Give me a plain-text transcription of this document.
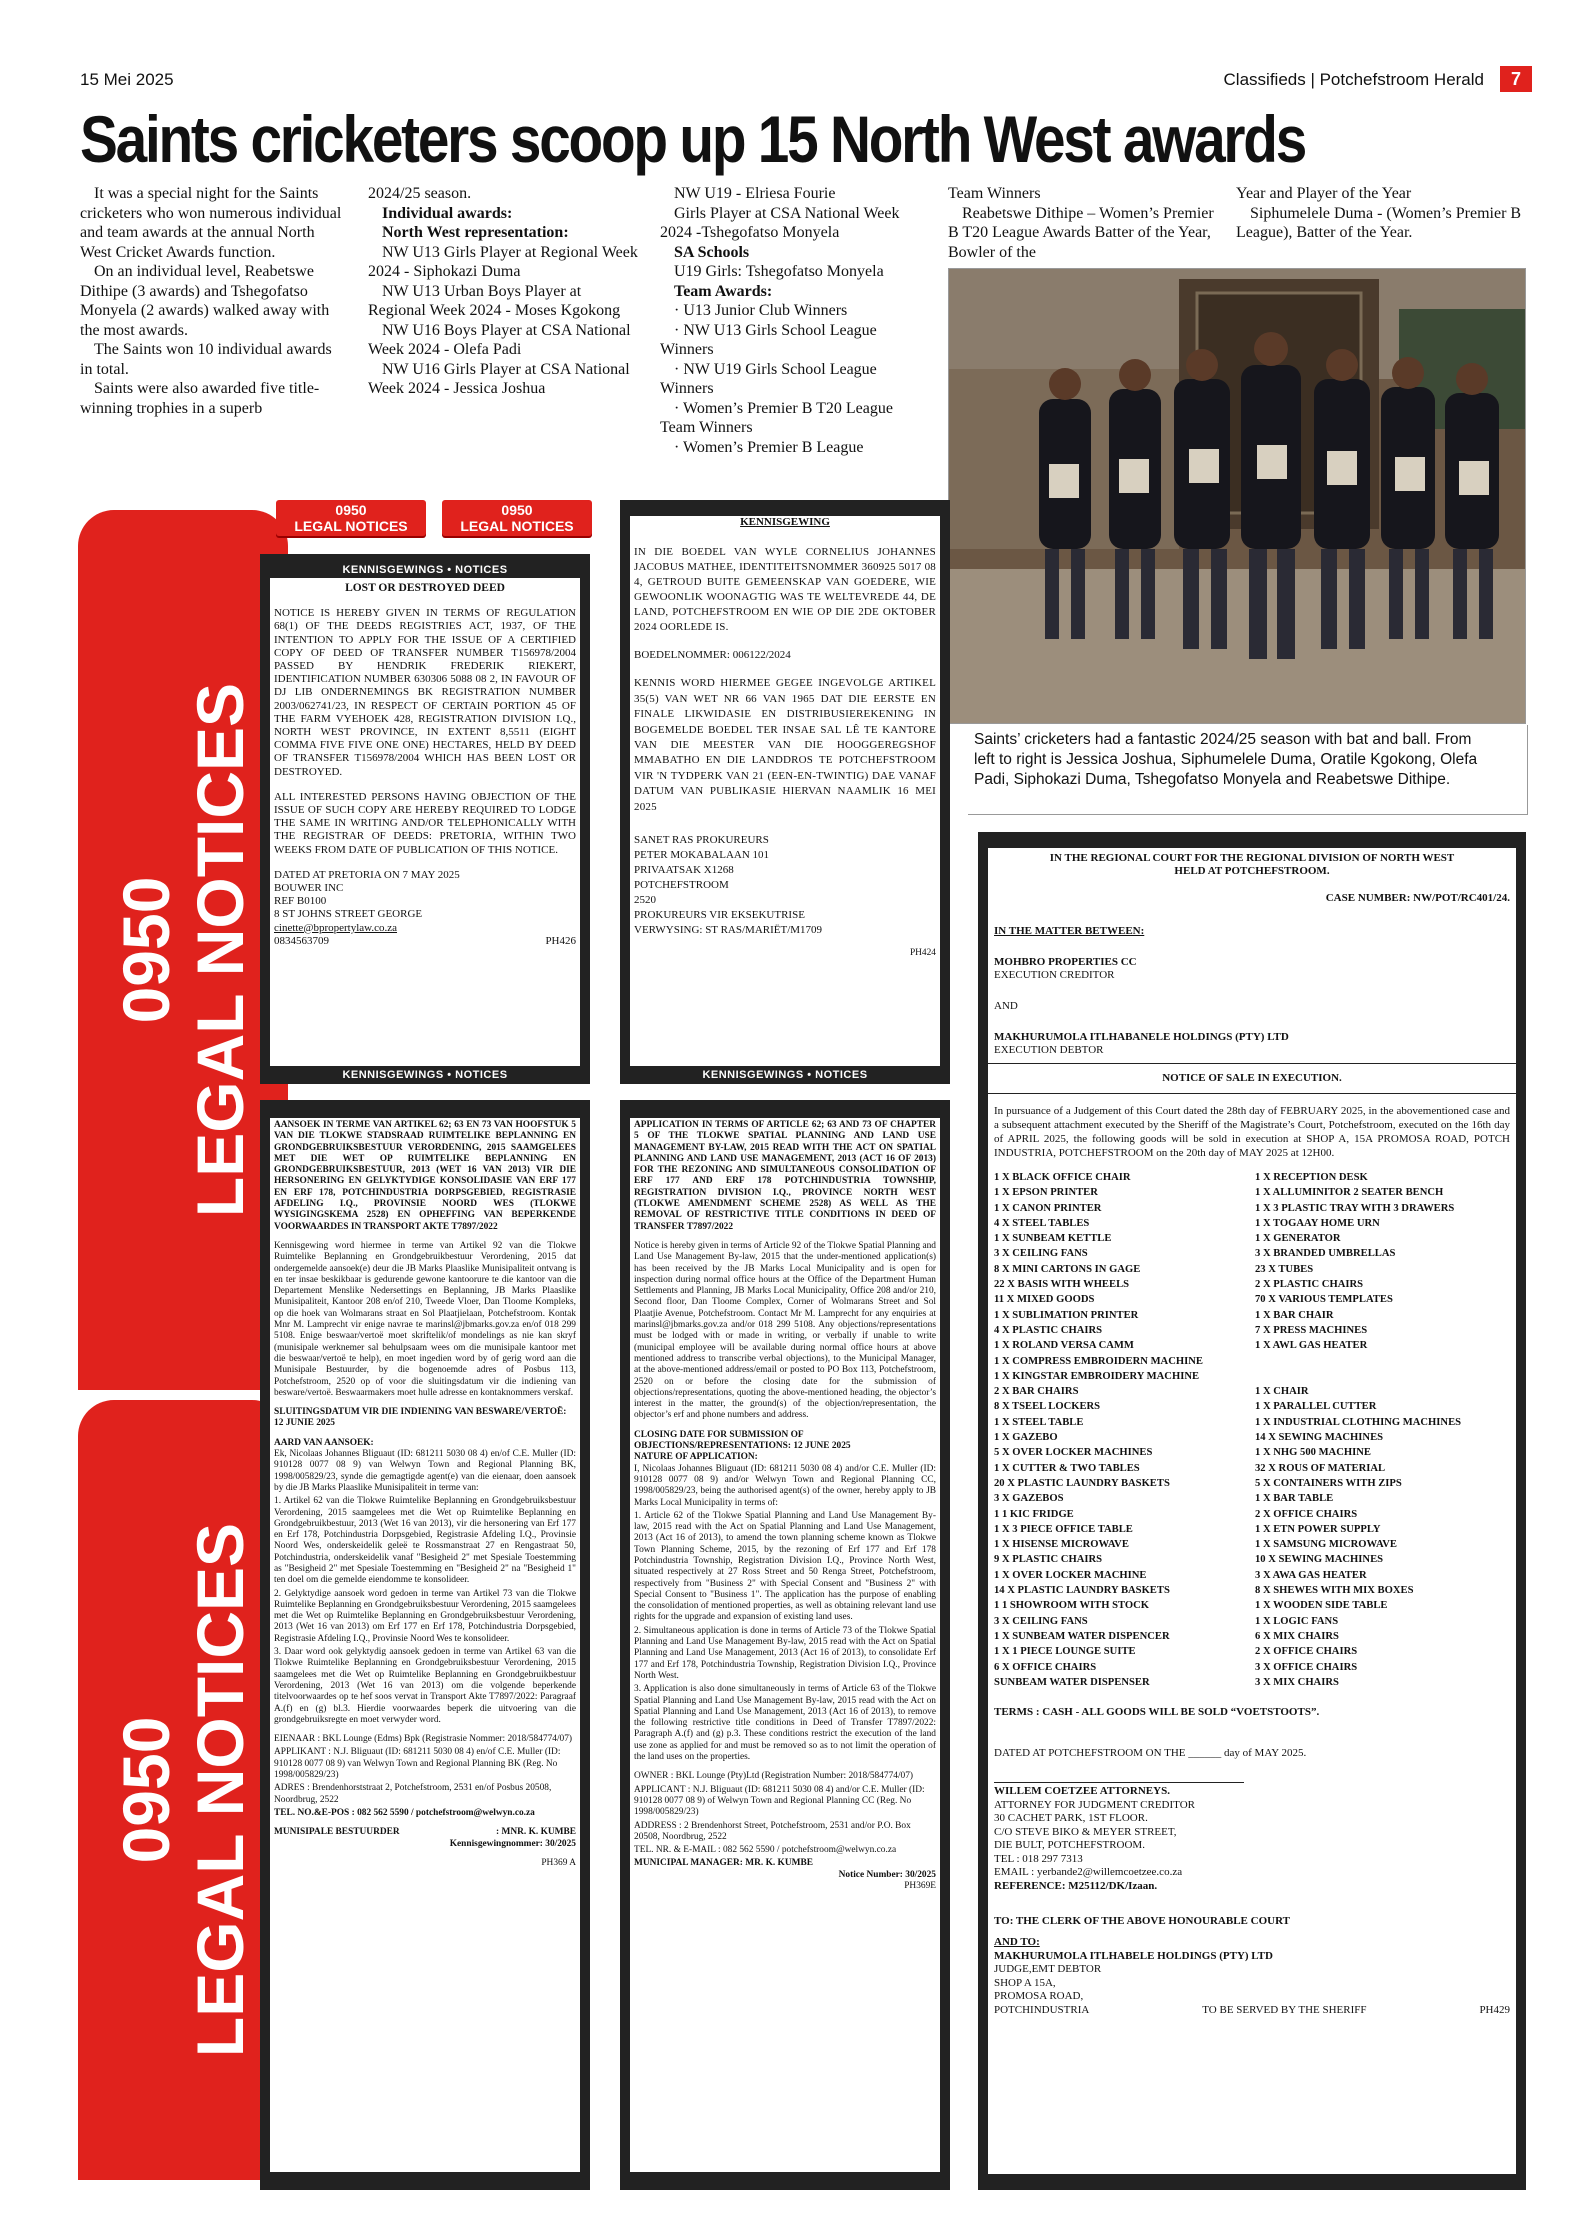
15 Mei 2025	Classifieds | Potchefstroom Herald	7
Saints cricketers scoop up 15 North West awards

It was a special night for the Saints cricketers who won numerous individual and team awards at the annual North West Cricket Awards function.

On an individual level, Reabetswe Dithipe (3 awards) and Tshegofatso Monyela (2 awards) walked away with the most awards.

The Saints won 10 individual awards in total.

Saints were also awarded five title-winning trophies in a superb

2024/25 season.

Individual awards:

North West representation:

NW U13 Girls Player at Regional Week 2024 - Siphokazi Duma

NW U13 Urban Boys Player at Regional Week 2024 - Moses Kgokong

NW U16 Boys Player at CSA National Week 2024 - Olefa Padi

NW U16 Girls Player at CSA National Week 2024 - Jessica Joshua

NW U19 - Elriesa Fourie

Girls Player at CSA National Week 2024 -Tshegofatso Monyela

SA Schools

U19 Girls: Tshegofatso Monyela

Team Awards:

· U13 Junior Club Winners

· NW U13 Girls School League Winners

· NW U19 Girls School League Winners

· Women’s Premier B T20 League Team Winners

· Women’s Premier B League

Team Winners

Reabetswe Dithipe – Women’s Premier B T20 League Awards Batter of the Year, Bowler of the

Year and Player of the Year

Siphumelele Duma - (Women’s Premier B League), Batter of the Year.

Saints’ cricketers had a fantastic 2024/25 season with bat and ball. From left to right is Jessica Joshua, Siphumelele Duma, Oratile Kgokong, Olefa Padi, Siphokazi Duma, Tshegofatso Monyela and Reabetswe Dithipe.
0950
LEGAL NOTICES
0950
LEGAL NOTICES
0950
LEGAL NOTICES
0950
LEGAL NOTICES
KENNISGEWINGS • NOTICES

LOST OR DESTROYED DEED

NOTICE IS HEREBY GIVEN IN TERMS OF REGULATION 68(1) OF THE DEEDS REGISTRIES ACT, 1937, OF THE INTENTION TO APPLY FOR THE ISSUE OF A CERTIFIED COPY OF DEED OF TRANSFER NUMBER T156978/2004 PASSED BY HENDRIK FREDERIK RIEKERT, IDENTIFICATION NUMBER 630306 5088 08 2, IN FAVOUR OF DJ LIB ONDERNEMINGS BK REGISTRATION NUMBER 2003/062741/23, IN RESPECT OF CERTAIN PORTION 45 OF THE FARM VYEHOEK 428, REGISTRATION DIVISION I.Q., NORTH WEST PROVINCE, IN EXTENT 8,5511 (EIGHT COMMA FIVE FIVE ONE ONE) HECTARES, HELD BY DEED OF TRANSFER T156978/2004 WHICH HAS BEEN LOST OR DESTROYED.

ALL INTERESTED PERSONS HAVING OBJECTION OF THE ISSUE OF SUCH COPY ARE HEREBY REQUIRED TO LODGE THE SAME IN WRITING AND/OR TELEPHONICALLY WITH THE REGISTRAR OF DEEDS: PRETORIA, WITHIN TWO WEEKS FROM DATE OF PUBLICATION OF THIS NOTICE.

DATED AT PRETORIA ON 7 MAY 2025
BOUWER INC
REF B0100
8 ST JOHNS STREET GEORGE
cinette@bpropertylaw.co.za
0834563709	PH426
KENNISGEWINGS • NOTICES
KENNISGEWINGS • NOTICES

KENNISGEWING

IN DIE BOEDEL VAN WYLE CORNELIUS JOHANNES JACOBUS MATHEE, IDENTITEITSNOMMER 360925 5017 08 4, GETROUD BUITE GEMEENSKAP VAN GOEDERE, WIE GEWOONLIK WOONAGTIG WAS TE WELTEVREDE 44, DE LAND, POTCHEFSTROOM EN WIE OP DIE 2DE OKTOBER 2024 OORLEDE IS.

BOEDELNOMMER: 006122/2024

KENNIS WORD HIERMEE GEGEE INGEVOLGE ARTIKEL 35(5) VAN WET NR 66 VAN 1965 DAT DIE EERSTE EN FINALE LIKWIDASIE EN DISTRIBUSIEREKENING IN BOGEMELDE BOEDEL TER INSAE SAL LÊ TE KANTORE VAN DIE MEESTER VAN DIE HOOGGEREGSHOF MMABATHO EN DIE LANDDROS TE POTCHEFSTROOM VIR 'N TYDPERK VAN 21 (EEN-EN-TWINTIG) DAE VANAF DATUM VAN PUBLIKASIE HIERVAN NAAMLIK 16 MEI 2025

SANET RAS PROKUREURS
PETER MOKABALAAN 101
PRIVAATSAK X1268
POTCHEFSTROOM
2520
PROKUREURS VIR EKSEKUTRISE
VERWYSING: ST RAS/MARIËT/M1709
PH424
KENNISGEWINGS • NOTICES
KENNISGEWINGS • NOTICES

AANSOEK IN TERME VAN ARTIKEL 62; 63 EN 73 VAN HOOFSTUK 5 VAN DIE TLOKWE STADSRAAD RUIMTELIKE BEPLANNING EN GRONDGEBRUIKSBESTUUR VERORDENING, 2015 SAAMGELEES MET DIE WET OP RUIMTELIKE BEPLANNING EN GRONDGEBRUIKSBESTUUR, 2013 (WET 16 VAN 2013) VIR DIE HERSONERING EN GELYKTYDIGE KONSOLIDASIE VAN ERF 177 EN ERF 178, POTCHINDUSTRIA DORPSGEBIED, REGISTRASIE AFDELING I.Q., PROVINSIE NOORD WES (TLOKWE WYSIGINGSKEMA 2528) EN OPHEFFING VAN BEPERKENDE VOORWAARDES IN TRANSPORT AKTE T7897/2022

Kennisgewing word hiermee in terme van Artikel 92 van die Tlokwe Ruimtelike Beplanning en Grondgebruikbestuur Verordening, 2015 dat ondergemelde aansoek(e) deur die JB Marks Plaaslike Munisipaliteit ontvang is en ter insae beskikbaar is gedurende gewone kantoorure te die kantoor van die Departement Menslike Nedersettings en Beplanning, JB Marks Plaaslike Munisipaliteit, Kantoor 208 en/of 210, Tweede Vloer, Dan Tloome Kompleks, op die hoek van Wolmarans straat en Sol Plaatjielaan, Potchefstroom. Kontak Mnr M. Lamprecht vir enige navrae te marinsl@jbmarks.gov.za en/of 018 299 5108. Enige beswaar/vertoë moet skriftelik/of mondelings as nie kan skryf (munisipale werknemer sal behulpsaam wees om die munisipale kantoor met die beswaar/vertoë te help), en moet ingedien word by of gerig word aan die Munisipale Bestuurder, by die bogenoemde adres of Posbus 113, Potchefstroom, 2520 op of voor die sluitingsdatum vir die indiening van besware/vertoë. Beswaarmakers moet hulle adresse en kontaknommers verskaf.

SLUITINGSDATUM VIR DIE INDIENING VAN BESWARE/VERTOË: 12 JUNIE 2025

AARD VAN AANSOEK:

Ek, Nicolaas Johannes Bliguaut (ID: 681211 5030 08 4) en/of C.E. Muller (ID: 910128 0077 08 9) van Welwyn Town and Regional Planning BK, 1998/005829/23, synde die gemagtigde agent(e) van die eienaar, doen aansoek by die JB Marks Plaaslike Munisipaliteit in terme van:

1. Artikel 62 van die Tlokwe Ruimtelike Beplanning en Grondgebruiksbestuur Verordening, 2015 saamgelees met die Wet op Ruimtelike Beplanning en Grondgebruikbestuur, 2013 (Wet 16 van 2013), vir die hersonering van Erf 177 en Erf 178, Potchindustria Dorpsgebied, Registrasie Afdeling I.Q., Provinsie Noord Wes, onderskeidelik geleë te Rossmanstraat 27 en Rengastraat 50, Potchindustria, onderskeidelik vanaf "Besigheid 2" met Spesiale Toestemming as "Besigheid 2" met Spesiale Toestemming en "Besigheid 2" na "Besigheid 1" ten doel om die gemelde eiendomme te konsolideer.

2. Gelyktydige aansoek word gedoen in terme van Artikel 73 van die Tlokwe Ruimtelike Beplanning en Grondgebruiksbestuur Verordening, 2015 saamgelees met die Wet op Ruimtelike Beplanning en Grondgebruiksbestuur Verordening, 2013 (Wet 16 van 2013) om Erf 177 en Erf 178, Potchindustria Dorpsgebied, Registrasie Afdeling I.Q., Provinsie Noord Wes te konsolideer.

3. Daar word ook gelyktydig aansoek gedoen in terme van Artikel 63 van die Tlokwe Ruimtelike Beplanning en Grondgebruiksbestuur Verordening, 2015 saamgelees met die Wet op Ruimtelike Beplanning en Grondgebruikbestuur Verordening, 2013 (Wet 16 van 2013) om die volgende beperkende titelvoorwaardes op te hef soos vervat in Transport Akte T7897/2022: Paragraaf A.(f) en (g) bl.3. Hierdie voorwaardes beperk die uitvoering van die grondgebruiksregte en moet verwyder word.

EIENAAR : BKL Lounge (Edms) Bpk (Registrasie Nommer: 2018/584774/07)

APPLIKANT : N.J. Bliguaut (ID: 681211 5030 08 4) en/of C.E. Muller (ID: 910128 0077 08 9) van Welwyn Town and Regional Planning BK (Reg. No 1998/005829/23)

ADRES : Brendenhorststraat 2, Potchefstroom, 2531 en/of Posbus 20508, Noordbrug, 2522

TEL. NO.&E-POS : 082 562 5590 / potchefstroom@welwyn.co.za

MUNISIPALE BESTUURDER	: MNR. K. KUMBE
Kennisgewingnommer: 30/2025
PH369 A
KENNISGEWINGS • NOTICES
KENNISGEWINGS • NOTICES

APPLICATION IN TERMS OF ARTICLE 62; 63 AND 73 OF CHAPTER 5 OF THE TLOKWE SPATIAL PLANNING AND LAND USE MANAGEMENT BY-LAW, 2015 READ WITH THE ACT ON SPATIAL PLANNING AND LAND USE MANAGEMENT, 2013 (ACT 16 OF 2013) FOR THE REZONING AND SIMULTANEOUS CONSOLIDATION OF ERF 177 AND ERF 178 POTCHINDUSTRIA TOWNSHIP, REGISTRATION DIVISION I.Q., PROVINCE NORTH WEST (TLOKWE AMENDMENT SCHEME 2528) AS WELL AS THE REMOVAL OF RESTRICTIVE TITLE CONDITIONS IN DEED OF TRANSFER T7897/2022

Notice is hereby given in terms of Article 92 of the Tlokwe Spatial Planning and Land Use Management By-law, 2015 that the under-mentioned application(s) has been received by the JB Marks Local Municipality and is open for inspection during normal office hours at the Office of the Department Human Settlements and Planning, JB Marks Local Municipality, Office 208 and/or 210, Second floor, Dan Tloome Complex, Corner of Wolmarans Street and Sol Plaatjie Avenue, Potchefstroom. Contact Mr M. Lamprecht for any enquiries at marinsl@jbmarks.gov.za and/or 018 299 5108. Any objections/representations must be lodged with or made in writing, or verbally if unable to write (municipal employee will be available during normal office hours at above mentioned address to transcribe verbal objections), to the Municipal Manager, at the above-mentioned address/email or posted to PO Box 113, Potchefstroom, 2520 on or before the closing date for the submission of objections/representations, quoting the above-mentioned heading, the objector’s interest in the matter, the ground(s) of the objection/representation, the objector’s erf and phone numbers and address.

CLOSING DATE FOR SUBMISSION OF OBJECTIONS/REPRESENTATIONS: 12 JUNE 2025

NATURE OF APPLICATION:

I, Nicolaas Johannes Bliguaut (ID: 681211 5030 08 4) and/or C.E. Muller (ID: 910128 0077 08 9) and/or Welwyn Town and Regional Planning CC, 1998/005829/23, being the authorised agent(s) of the owner, hereby apply to JB Marks Local Municipality in terms of:

1. Article 62 of the Tlokwe Spatial Planning and Land Use Management By-law, 2015 read with the Act on Spatial Planning and Land Use Management, 2013 (Act 16 of 2013), to amend the town planning scheme known as Tlokwe Town Planning Scheme, 2015, by the rezoning of Erf 177 and Erf 178 Potchindustria Township, Registration Division I.Q., Province North West, situated respectively at 27 Ross Street and 50 Renga Street, Potchefstroom, respectively from "Business 2" with Special Consent and "Business 2" with Special Consent to "Business 1". The application has the purpose of enabling the consolidation of mentioned properties, as well as obtaining relevant land use rights for the upgrade and expansion of existing land uses.

2. Simultaneous application is done in terms of Article 73 of the Tlokwe Spatial Planning and Land Use Management By-law, 2015 read with the Act on Spatial Planning and Land Use Management, 2013 (Act 16 of 2013), to consolidate Erf 177 and Erf 178, Potchindustria Township, Registration Division I.Q., Province North West.

3. Application is also done simultaneously in terms of Article 63 of the Tlokwe Spatial Planning and Land Use Management By-law, 2015 read with the Act on Spatial Planning and Land Use Management, 2013 (Act 16 of 2013), to remove the following restrictive title conditions in Deed of Transfer T7897/2022: Paragraph A.(f) and (g) p.3. These conditions restrict the execution of the land use zone as applied for and must be removed so as to not limit the operation of the land uses on the properties.

OWNER : BKL Lounge (Pty)Ltd (Registration Number: 2018/584774/07)

APPLICANT : N.J. Bliguaut (ID: 681211 5030 08 4) and/or C.E. Muller (ID: 910128 0077 08 9) of Welwyn Town and Regional Planning CC (Reg. No 1998/005829/23)

ADDRESS : 2 Brendenhorst Street, Potchefstroom, 2531 and/or P.O. Box 20508, Noordbrug, 2522

TEL. NR. & E-MAIL : 082 562 5590 / potchefstroom@welwyn.co.za

MUNICIPAL MANAGER: MR. K. KUMBE

Notice Number: 30/2025
PH369E
KENNISGEWINGS • NOTICES
KENNISGEWINGS • NOTICES

IN THE REGIONAL COURT FOR THE REGIONAL DIVISION OF NORTH WEST HELD AT POTCHEFSTROOM.

CASE NUMBER: NW/POT/RC401/24.

IN THE MATTER BETWEEN:

MOHBRO PROPERTIES CC

EXECUTION CREDITOR

AND

MAKHURUMOLA ITLHABANELE HOLDINGS (PTY) LTD

EXECUTION DEBTOR

NOTICE OF SALE IN EXECUTION.

In pursuance of a Judgement of this Court dated the 28th day of FEBRUARY 2025, in the abovementioned case and a subsequent attachment executed by the Sheriff of the Magistrate’s Court, Potchefstroom, executed on the 16th day of APRIL 2025, the following goods will be sold in execution at SHOP A, 15A PROMOSA ROAD, POTCH INDUSTRIA, POTCHEFSTROOM on the 20th day of MAY 2025 at 12H00.

1 X BLACK OFFICE CHAIR	1 X RECEPTION DESK
1 X EPSON PRINTER	1 X ALLUMINITOR 2 SEATER BENCH
1 X CANON PRINTER	1 X 3 PLASTIC TRAY WITH 3 DRAWERS
4 X STEEL TABLES	1 X TOGAAY HOME URN
1 X SUNBEAM KETTLE	1 X GENERATOR
3 X CEILING FANS	3 X BRANDED UMBRELLAS
8 X MINI CARTONS IN GAGE	23 X TUBES
22 X BASIS WITH WHEELS	2 X PLASTIC CHAIRS
11 X MIXED GOODS	70 X VARIOUS TEMPLATES
1 X SUBLIMATION PRINTER	1 X BAR CHAIR
4 X PLASTIC CHAIRS	7 X PRESS MACHINES
1 X ROLAND VERSA CAMM	1 X AWL GAS HEATER
1 X COMPRESS EMBROIDERN MACHINE
1 X KINGSTAR EMBROIDERY MACHINE
2 X BAR CHAIRS	1 X CHAIR
8 X TSEEL LOCKERS	1 X PARALLEL CUTTER
1 X STEEL TABLE	1 X INDUSTRIAL CLOTHING MACHINES
1 X GAZEBO	14 X SEWING MACHINES
5 X OVER LOCKER MACHINES	1 X NHG 500 MACHINE
1 X CUTTER & TWO TABLES	32 X ROUS OF MATERIAL
20 X PLASTIC LAUNDRY BASKETS	5 X CONTAINERS WITH ZIPS
3 X GAZEBOS	1 X BAR TABLE
1 1 KIC FRIDGE	2 X OFFICE CHAIRS
1 X 3 PIECE OFFICE TABLE	1 X ETN POWER SUPPLY
1 X HISENSE MICROWAVE	1 X SAMSUNG MICROWAVE
9 X PLASTIC CHAIRS	10 X SEWING MACHINES
1 X OVER LOCKER MACHINE	3 X AWA GAS HEATER
14 X PLASTIC LAUNDRY BASKETS	8 X SHEWES WITH MIX BOXES
1 1 SHOWROOM WITH STOCK	1 X WOODEN SIDE TABLE
3 X CEILING FANS	1 X LOGIC FANS
1 X SUNBEAM WATER DISPENCER	6 X MIX CHAIRS
1 X 1 PIECE LOUNGE SUITE	2 X OFFICE CHAIRS
6 X OFFICE CHAIRS	3 X OFFICE CHAIRS
SUNBEAM WATER DISPENSER	3 X MIX CHAIRS

TERMS : CASH - ALL GOODS WILL BE SOLD “VOETSTOOTS”.

DATED AT POTCHEFSTROOM ON THE ______ day of MAY 2025.

WILLEM COETZEE ATTORNEYS.
ATTORNEY FOR JUDGMENT CREDITOR
30 CACHET PARK, 1ST FLOOR.
C/O STEVE BIKO & MEYER STREET,
DIE BULT, POTCHEFSTROOM.
TEL : 018 297 7313
EMAIL : yerbande2@willemcoetzee.co.za
REFERENCE: M25112/DK/Izaan.

TO: THE CLERK OF THE ABOVE HONOURABLE COURT

AND TO:
MAKHURUMOLA ITLHABELE HOLDINGS (PTY) LTD
JUDGE,EMT DEBTOR
SHOP A 15A,
PROMOSA ROAD,
POTCHINDUSTRIA	TO BE SERVED BY THE SHERIFF	PH429
KENNISGEWINGS • NOTICES
